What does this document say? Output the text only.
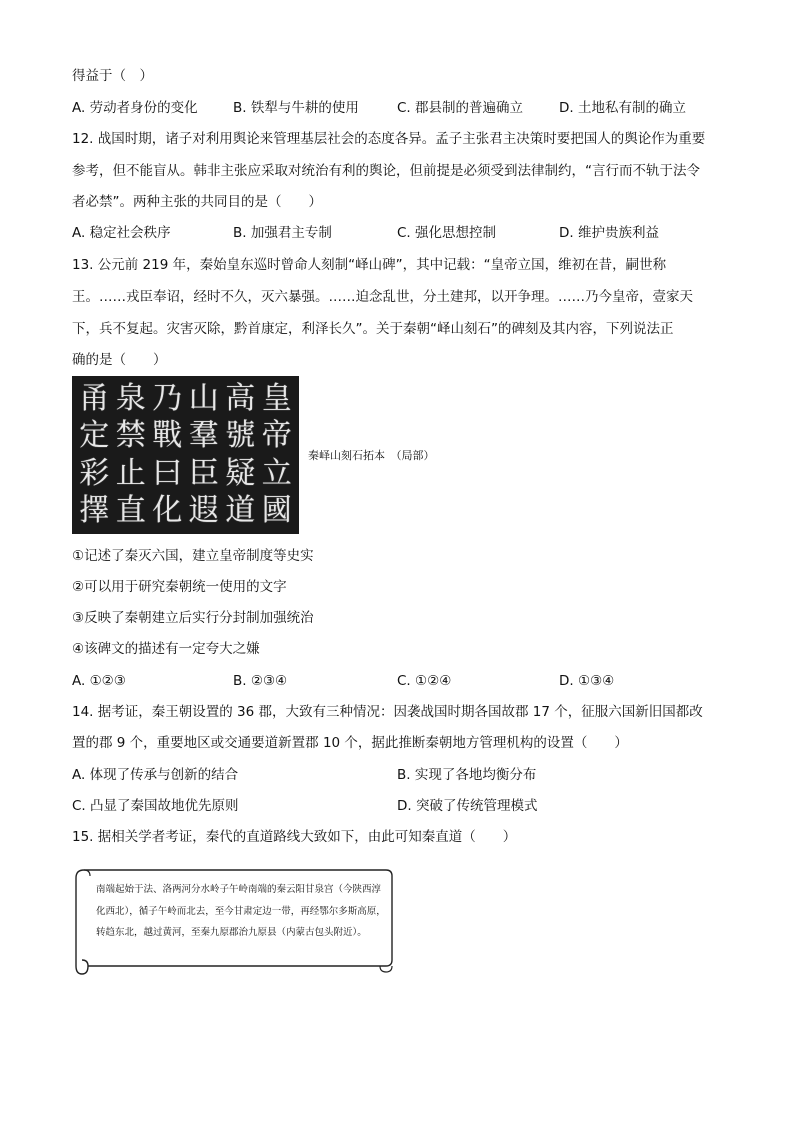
得益于（　）
A. 劳动者身份的变化	B. 铁犁与牛耕的使用	C. 郡县制的普遍确立	D. 土地私有制的确立
12. 战国时期，诸子对利用舆论来管理基层社会的态度各异。孟子主张君主决策时要把国人的舆论作为重要
参考，但不能盲从。韩非主张应采取对统治有利的舆论，但前提是必须受到法律制约，“言行而不轨于法令
者必禁”。两种主张的共同目的是（　　）
A. 稳定社会秩序	B. 加强君主专制	C. 强化思想控制	D. 维护贵族利益
13. 公元前 219 年，秦始皇东巡时曾命人刻制“峄山碑”，其中记载：“皇帝立国，维初在昔，嗣世称
王。……戎臣奉诏，经时不久，灭六暴强。……迫念乱世，分土建邦，以开争理。……乃今皇帝，壹家天
下，兵不复起。灾害灭除，黔首康定，利泽长久”。关于秦朝“峄山刻石”的碑刻及其内容，下列说法正
确的是（　　）
甬 泉 乃 山 高 皇
定 禁 戰 羣 號 帝
彩 止 曰 臣 疑 立
擇 直 化 遐 道 國
秦峄山刻石拓本　（局部）
①记述了秦灭六国，建立皇帝制度等史实
②可以用于研究秦朝统一使用的文字
③反映了秦朝建立后实行分封制加强统治
④该碑文的描述有一定夸大之嫌
A. ①②③	B. ②③④	C. ①②④	D. ①③④
14. 据考证，秦王朝设置的 36 郡，大致有三种情况：因袭战国时期各国故郡 17 个，征服六国新旧国都改
置的郡 9 个，重要地区或交通要道新置郡 10 个，据此推断秦朝地方管理机构的设置（　　）
A. 体现了传承与创新的结合	B. 实现了各地均衡分布
C. 凸显了秦国故地优先原则	D. 突破了传统管理模式
15. 据相关学者考证，秦代的直道路线大致如下，由此可知秦直道（　　）
南端起始于法、洛两河分水岭子午岭南端的秦云阳甘泉宫（今陕西淳化西北），循子午岭而北去，至今甘肃定边一带，再经鄂尔多斯高原，转趋东北，越过黄河，至秦九原郡治九原县（内蒙古包头附近）。
